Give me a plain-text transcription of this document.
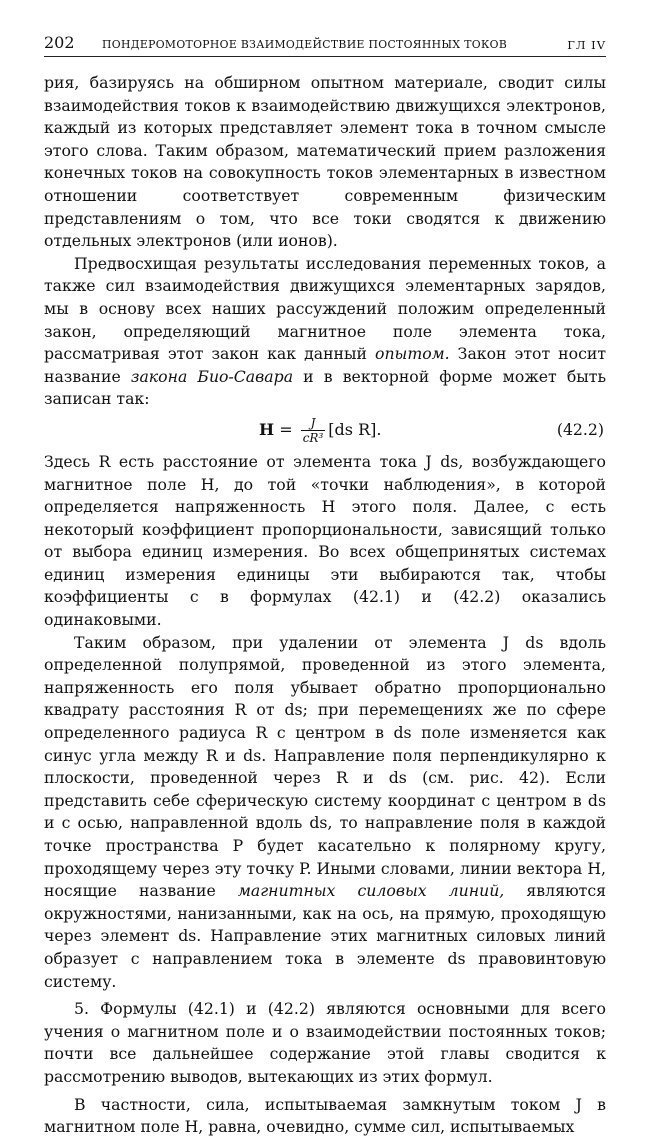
202	ПОНДЕРОМОТОРНОЕ ВЗАИМОДЕЙСТВИЕ ПОСТОЯННЫХ ТОКОВ	ГЛ IV

рия, базируясь на обширном опытном материале, сводит силы взаимодействия токов к взаимодействию движущихся электронов, каждый из которых представляет элемент тока в точном смысле этого слова. Таким образом, математический прием разложения конечных токов на совокупность токов элементарных в известном отношении соответствует современным физическим представлениям о том, что все токи сводятся к движению отдельных электронов (или ионов).

Предвосхищая результаты исследования переменных токов, а также сил взаимодействия движущихся элементарных зарядов, мы в основу всех наших рассуждений положим определенный закон, определяющий магнитное поле элемента тока, рассматривая этот закон как данный опытом. Закон этот носит название закона Био-Савара и в векторной форме может быть записан так:

$H = \frac{J}{\text{cR³}} [ds$ R].	(42.2)

Здесь R есть расстояние от элемента тока J ds, возбуждающего магнитное поле H, до той «точки наблюдения», в которой определяется напряженность H этого поля. Далее, c есть некоторый коэффициент пропорциональности, зависящий только от выбора единиц измерения. Во всех общепринятых системах единиц измерения единицы эти выбираются так, чтобы коэффициенты c в формулах (42.1) и (42.2) оказались одинаковыми.

Таким образом, при удалении от элемента J ds вдоль определенной полупрямой, проведенной из этого элемента, напряженность его поля убывает обратно пропорционально квадрату расстояния R от ds; при перемещениях же по сфере определенного радиуса R с центром в ds поле изменяется как синус угла между R и ds. Направление поля перпендикулярно к плоскости, проведенной через R и ds (см. рис. 42). Если представить себе сферическую систему координат с центром в ds и с осью, направленной вдоль ds, то направление поля в каждой точке пространства P будет касательно к полярному кругу, проходящему через эту точку P. Иными словами, линии вектора H, носящие название магнитных силовых линий, являются окружностями, нанизанными, как на ось, на прямую, проходящую через элемент ds. Направление этих магнитных силовых линий образует с направлением тока в элементе ds правовинтовую систему.

5. Формулы (42.1) и (42.2) являются основными для всего учения о магнитном поле и о взаимодействии постоянных токов; почти все дальнейшее содержание этой главы сводится к рассмотрению выводов, вытекающих из этих формул.

В частности, сила, испытываемая замкнутым током J в магнитном поле H, равна, очевидно, сумме сил, испытываемых
